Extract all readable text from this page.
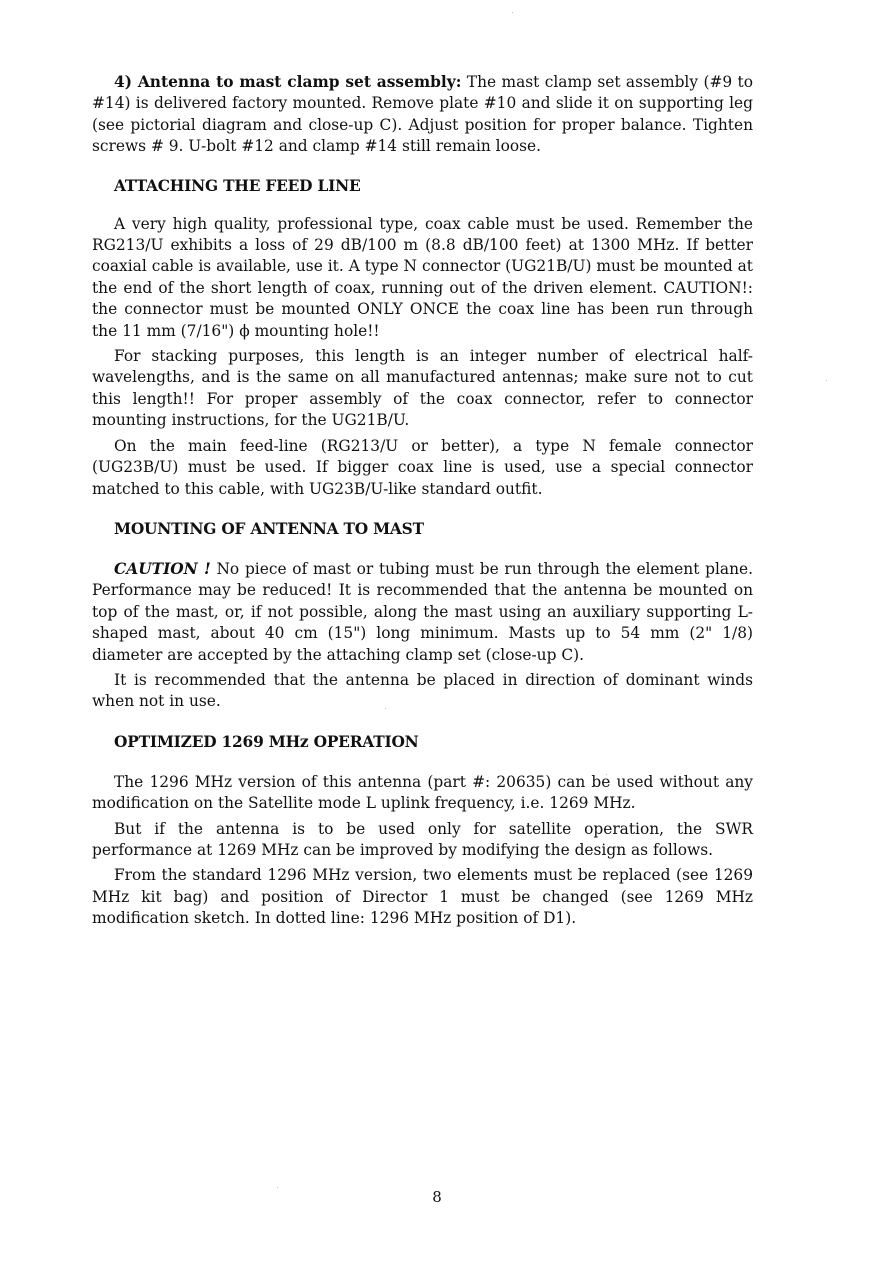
4) Antenna to mast clamp set assembly: The mast clamp set assembly (#9 to #14) is delivered factory mounted. Remove plate #10 and slide it on supporting leg (see pictorial diagram and close-up C). Adjust position for proper balance. Tighten screws # 9. U-bolt #12 and clamp #14 still remain loose.

ATTACHING THE FEED LINE

A very high quality, professional type, coax cable must be used. Remember the RG213/U exhibits a loss of 29 dB/100 m (8.8 dB/100 feet) at 1300 MHz. If better coaxial cable is available, use it. A type N connector (UG21B/U) must be mounted at the end of the short length of coax, running out of the driven element. CAUTION!: the connector must be mounted ONLY ONCE the coax line has been run through the 11 mm (7/16") ϕ mounting hole!!

For stacking purposes, this length is an integer number of electrical half-wavelengths, and is the same on all manufactured antennas; make sure not to cut this length!! For proper assembly of the coax connector, refer to connector mounting instructions, for the UG21B/U.

On the main feed-line (RG213/U or better), a type N female connector (UG23B/U) must be used. If bigger coax line is used, use a special connector matched to this cable, with UG23B/U-like standard outfit.

MOUNTING OF ANTENNA TO MAST

CAUTION ! No piece of mast or tubing must be run through the element plane. Performance may be reduced! It is recommended that the antenna be mounted on top of the mast, or, if not possible, along the mast using an auxiliary supporting L-shaped mast, about 40 cm (15") long minimum. Masts up to 54 mm (2" 1/8) diameter are accepted by the attaching clamp set (close-up C).

It is recommended that the antenna be placed in direction of dominant winds when not in use.

OPTIMIZED 1269 MHz OPERATION

The 1296 MHz version of this antenna (part #: 20635) can be used without any modification on the Satellite mode L uplink frequency, i.e. 1269 MHz.

But if the antenna is to be used only for satellite operation, the SWR performance at 1269 MHz can be improved by modifying the design as follows.

From the standard 1296 MHz version, two elements must be replaced (see 1269 MHz kit bag) and position of Director 1 must be changed (see 1269 MHz modification sketch. In dotted line: 1296 MHz position of D1).

8
